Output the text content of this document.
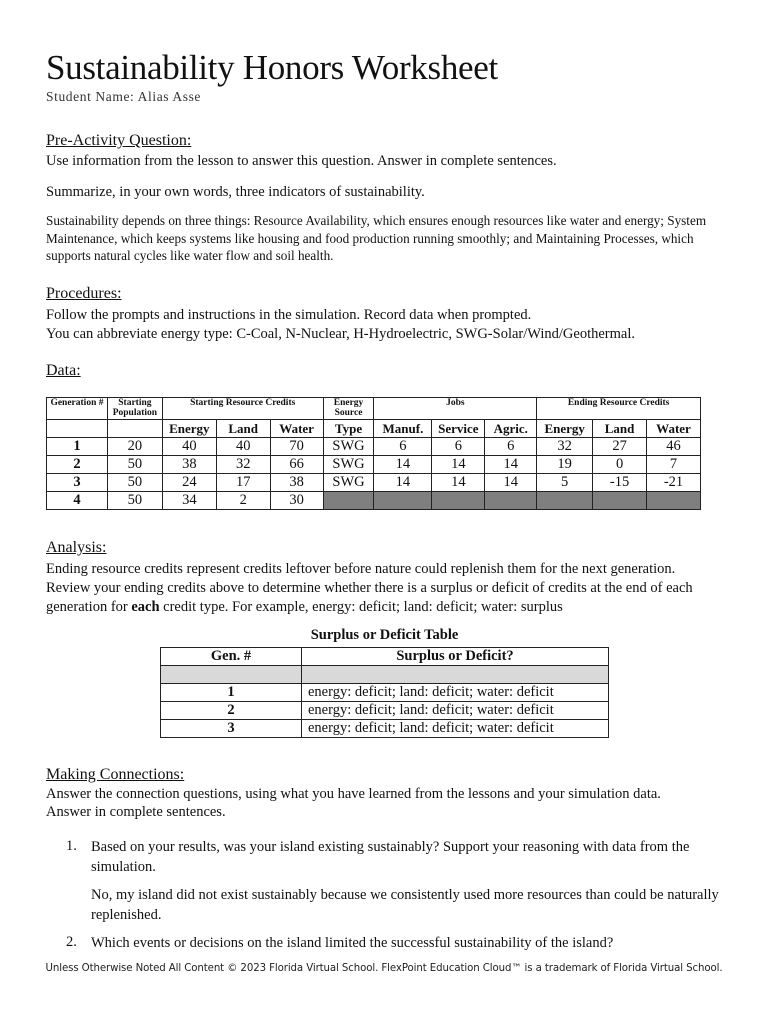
Sustainability Honors Worksheet
Student Name: Alias Asse
Pre-Activity Question:
Use information from the lesson to answer this question. Answer in complete sentences.
Summarize, in your own words, three indicators of sustainability.
Sustainability depends on three things: Resource Availability, which ensures enough resources like water and energy; System Maintenance, which keeps systems like housing and food production running smoothly; and Maintaining Processes, which supports natural cycles like water flow and soil health.
Procedures:
Follow the prompts and instructions in the simulation. Record data when prompted.
You can abbreviate energy type: C-Coal, N-Nuclear, H-Hydroelectric, SWG-Solar/Wind/Geothermal.
Data:
Generation #	Starting Population	Starting Resource Credits			Energy Source	Jobs			Ending Resource Credits		
		Energy	Land	Water	Type	Manuf.	Service	Agric.	Energy	Land	Water
1	20	40	40	70	SWG	6	6	6	32	27	46
2	50	38	32	66	SWG	14	14	14	19	0	7
3	50	24	17	38	SWG	14	14	14	5	-15	-21
4	50	34	2	30							
Analysis:
Ending resource credits represent credits leftover before nature could replenish them for the next generation.
Review your ending credits above to determine whether there is a surplus or deficit of credits at the end of each
generation for each credit type. For example, energy: deficit; land: deficit; water: surplus
Surplus or Deficit Table
Gen. #	Surplus or Deficit?

1	energy: deficit; land: deficit; water: deficit
2	energy: deficit; land: deficit; water: deficit
3	energy: deficit; land: deficit; water: deficit
Making Connections:
Answer the connection questions, using what you have learned from the lessons and your simulation data.
Answer in complete sentences.
1. Based on your results, was your island existing sustainably? Support your reasoning with data from the simulation.
No, my island did not exist sustainably because we consistently used more resources than could be naturally replenished.
2. Which events or decisions on the island limited the successful sustainability of the island?
Unless Otherwise Noted All Content © 2023 Florida Virtual School. FlexPoint Education Cloud™ is a trademark of Florida Virtual School.
